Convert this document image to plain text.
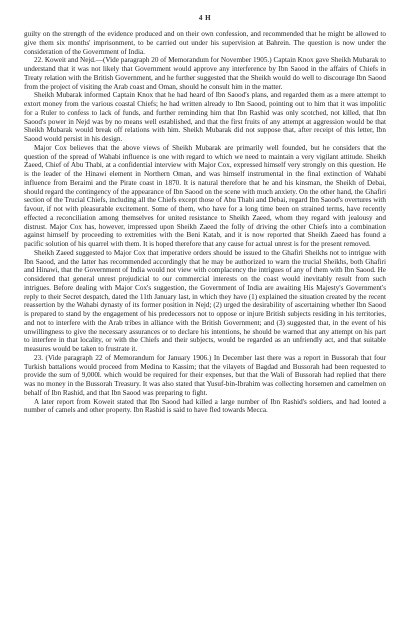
4 H

guilty on the strength of the evidence produced and on their own confession, and recommended that he might be allowed to give them six months' imprisonment, to be carried out under his supervision at Bahrein. The question is now under the consideration of the Government of India.

22. Koweit and Nejd.—(Vide paragraph 20 of Memorandum for November 1905.) Captain Knox gave Sheikh Mubarak to understand that it was not likely that Government would approve any interference by Ibn Saood in the affairs of Chiefs in Treaty relation with the British Government, and he further suggested that the Sheikh would do well to discourage Ibn Saood from the project of visiting the Arab coast and Oman, should he consult him in the matter.

Sheikh Mubarak informed Captain Knox that he had heard of Ibn Saood's plans, and regarded them as a mere attempt to extort money from the various coastal Chiefs; he had written already to Ibn Saood, pointing out to him that it was impolitic for a Ruler to confess to lack of funds, and further reminding him that Ibn Rashid was only scotched, not killed, that Ibn Saood's power in Nejd was by no means well established, and that the first fruits of any attempt at aggression would be that Sheikh Mubarak would break off relations with him. Sheikh Mubarak did not suppose that, after receipt of this letter, Ibn Saood would persist in his design.

Major Cox believes that the above views of Sheikh Mubarak are primarily well founded, but he considers that the question of the spread of Wahabi influence is one with regard to which we need to maintain a very vigilant attitude. Sheikh Zaeed, Chief of Abu Thabi, at a confidential interview with Major Cox, expressed himself very strongly on this question. He is the leader of the Hinawi element in Northern Oman, and was himself instrumental in the final extinction of Wahabi influence from Beraimi and the Pirate coast in 1870. It is natural therefore that he and his kinsman, the Sheikh of Debai, should regard the contingency of the appearance of Ibn Saood on the scene with much anxiety. On the other hand, the Ghafiri section of the Trucial Chiefs, including all the Chiefs except those of Abu Thabi and Debai, regard Ibn Saood's overtures with favour, if not with pleasurable excitement. Some of them, who have for a long time been on strained terms, have recently effected a reconciliation among themselves for united resistance to Sheikh Zaeed, whom they regard with jealousy and distrust. Major Cox has, however, impressed upon Sheikh Zaeed the folly of driving the other Chiefs into a combination against himself by proceeding to extremities with the Beni Katab, and it is now reported that Sheikh Zaeed has found a pacific solution of his quarrel with them. It is hoped therefore that any cause for actual unrest is for the present removed.

Sheikh Zaeed suggested to Major Cox that imperative orders should be issued to the Ghafiri Sheikhs not to intrigue with Ibn Saood, and the latter has recommended accordingly that he may be authorized to warn the trucial Sheikhs, both Ghafiri and Hinawi, that the Government of India would not view with complacency the intrigues of any of them with Ibn Saood. He considered that general unrest prejudicial to our commercial interests on the coast would inevitably result from such intrigues. Before dealing with Major Cox's suggestion, the Government of India are awaiting His Majesty's Government's reply to their Secret despatch, dated the 11th January last, in which they have (1) explained the situation created by the recent reassertion by the Wahabi dynasty of its former position in Nejd; (2) urged the desirability of ascertaining whether Ibn Saood is prepared to stand by the engagement of his predecessors not to oppose or injure British subjects residing in his territories, and not to interfere with the Arab tribes in alliance with the British Government; and (3) suggested that, in the event of his unwillingness to give the necessary assurances or to declare his intentions, he should be warned that any attempt on his part to interfere in that locality, or with the Chiefs and their subjects, would be regarded as an unfriendly act, and that suitable measures would be taken to frustrate it.

23. (Vide paragraph 22 of Memorandum for January 1906.) In December last there was a report in Bussorah that four Turkish battalions would proceed from Medina to Kassim; that the vilayets of Bagdad and Bussorah had been requested to provide the sum of 9,000l. which would be required for their expenses, but that the Wali of Bussorah had replied that there was no money in the Bussorah Treasury. It was also stated that Yusuf-bin-Ibrahim was collecting horsemen and camelmen on behalf of Ibn Rashid, and that Ibn Saood was preparing to fight.

A later report from Koweit stated that Ibn Saood had killed a large number of Ibn Rashid's soldiers, and had looted a number of camels and other property. Ibn Rashid is said to have fled towards Mecca.
